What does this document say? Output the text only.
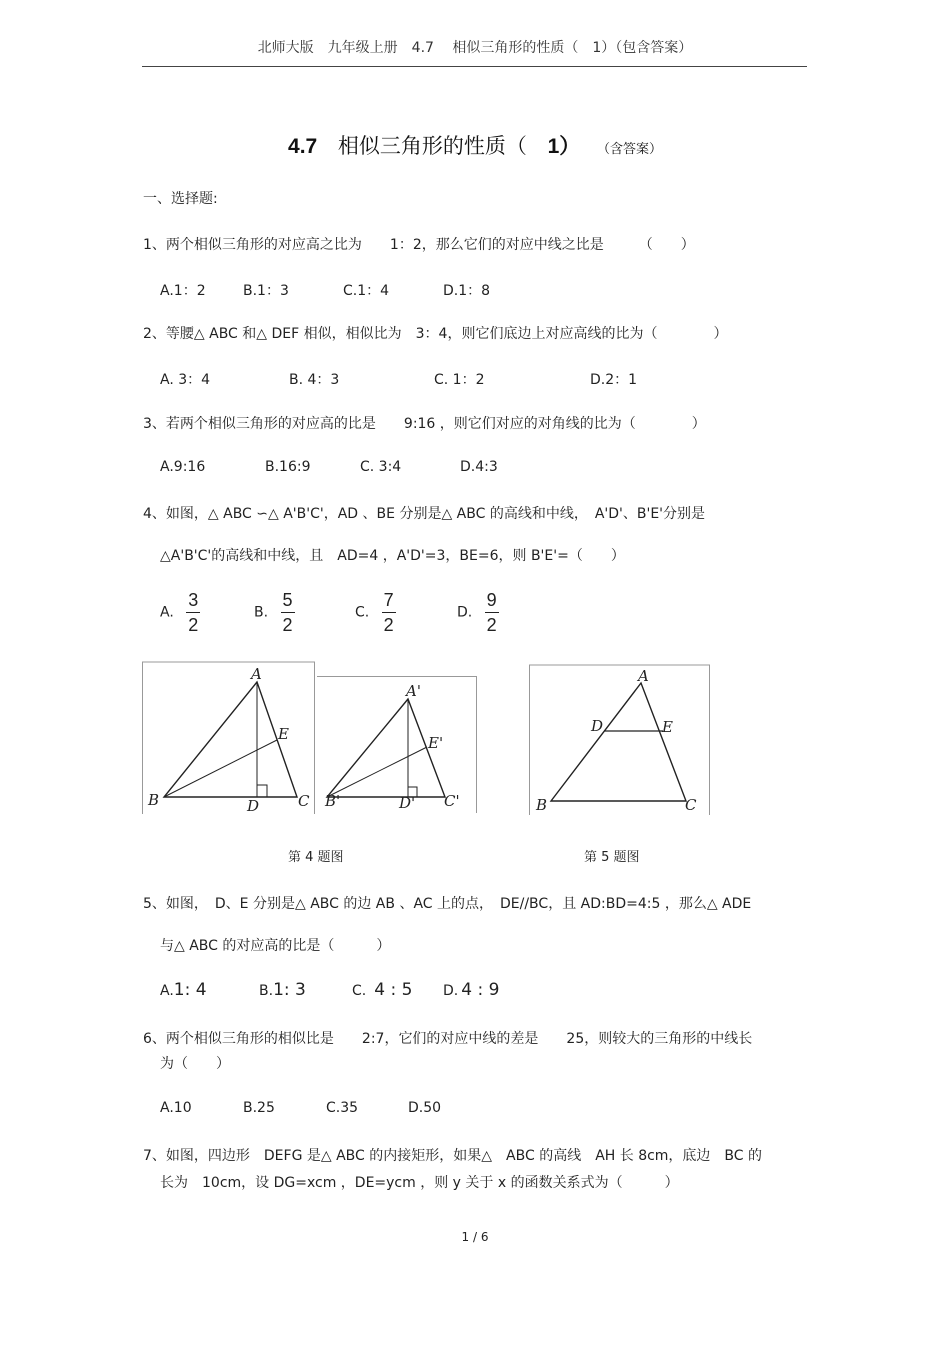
北师大版　九年级上册　4.7　 相似三角形的性质（　1）（包含答案）
4.7 相似三角形的性质（ 1） （含答案）
一、选择题:
1、两个相似三角形的对应高之比为　　1：2，那么它们的对应中线之比是　　　（　　）
A.1：2	B.1：3	C.1：4	D.1：8
2、等腰△ ABC 和△ DEF 相似，相似比为　3：4，则它们底边上对应高线的比为（　　　　）
A. 3：4	B. 4：3	C. 1：2	D.2：1
3、若两个相似三角形的对应高的比是　　9:16 ，则它们对应的对角线的比为（　　　　）
A.9:16	B.16:9	C. 3:4	D.4:3
4、如图，△ ABC ∽△ A'B'C'，AD 、BE 分别是△ ABC 的高线和中线，　A'D'、B'E'分别是
△A'B'C'的高线和中线，且　AD=4 ，A'D'=3，BE=6，则 B'E'=（　　）
A. $\frac{3}{2}$	B. $\frac{5}{2}$	C. $\frac{7}{2}$	D. $\frac{9}{2}$
A
E
B	D	C
A'
E'
B'	D' C'
A
D	E
B	C
第 4 题图	第 5 题图
5、如图，　D、E 分别是△ ABC 的边 AB 、AC 上的点，　DE//BC，且 AD:BD=4:5 ，那么△ ADE
与△ ABC 的对应高的比是（　　　）
A.1: 4	B.1: 3	C. 4 : 5 D. 4 : 9
6、两个相似三角形的相似比是　　2:7，它们的对应中线的差是　　25，则较大的三角形的中线长
为（　　）
A.10	B.25	C.35	D.50
7、如图，四边形　DEFG 是△ ABC 的内接矩形，如果△　ABC 的高线　AH 长 8cm，底边　BC 的
长为　10cm，设 DG=xcm ，DE=ycm ，则 y 关于 x 的函数关系式为（　　　）
1 / 6
